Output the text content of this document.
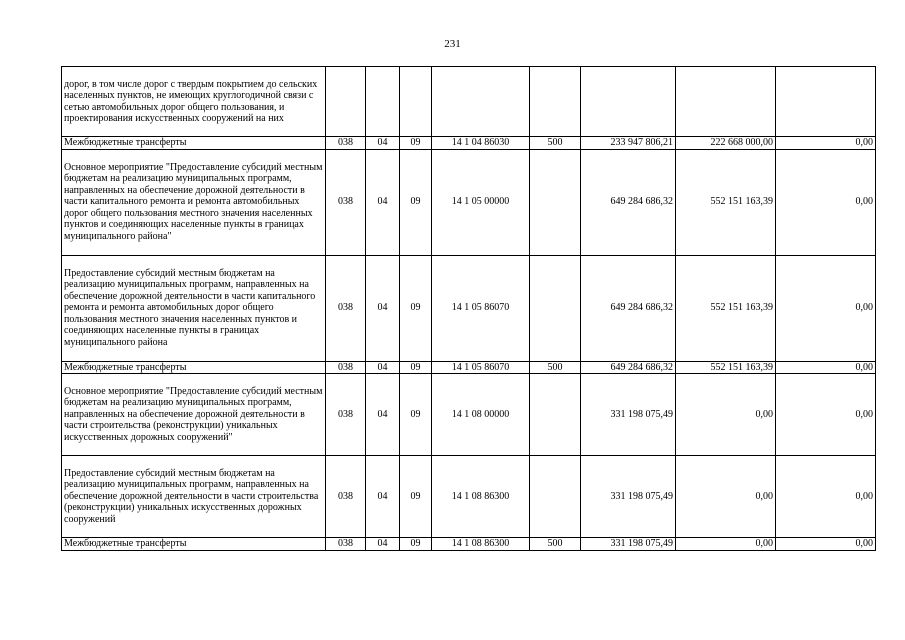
231
дорог, в том числе дорог с твердым покрытием до сельских населенных пунктов, не имеющих круглогодичной связи с сетью автомобильных дорог общего пользования, и проектирования искусственных сооружений на них								
Межбюджетные трансферты	038	04	09	14 1 04 86030	500	233 947 806,21	222 668 000,00	0,00
Основное мероприятие "Предоставление субсидий местным бюджетам на реализацию муниципальных программ, направленных на обеспечение дорожной деятельности в части капитального ремонта и ремонта автомобильных дорог общего пользования местного значения населенных пунктов и соединяющих населенные пункты в границах муниципального района"	038	04	09	14 1 05 00000		649 284 686,32	552 151 163,39	0,00
Предоставление субсидий местным бюджетам на реализацию муниципальных программ, направленных на обеспечение дорожной деятельности в части капитального ремонта и ремонта автомобильных дорог общего пользования местного значения населенных пунктов и соединяющих населенные пункты в границах муниципального района	038	04	09	14 1 05 86070		649 284 686,32	552 151 163,39	0,00
Межбюджетные трансферты	038	04	09	14 1 05 86070	500	649 284 686,32	552 151 163,39	0,00
Основное мероприятие "Предоставление субсидий местным бюджетам на реализацию муниципальных программ, направленных на обеспечение дорожной деятельности в части строительства (реконструкции) уникальных искусственных дорожных сооружений"	038	04	09	14 1 08 00000		331 198 075,49	0,00	0,00
Предоставление субсидий местным бюджетам на реализацию муниципальных программ, направленных на обеспечение дорожной деятельности в части строительства (реконструкции) уникальных искусственных дорожных сооружений	038	04	09	14 1 08 86300		331 198 075,49	0,00	0,00
Межбюджетные трансферты	038	04	09	14 1 08 86300	500	331 198 075,49	0,00	0,00
